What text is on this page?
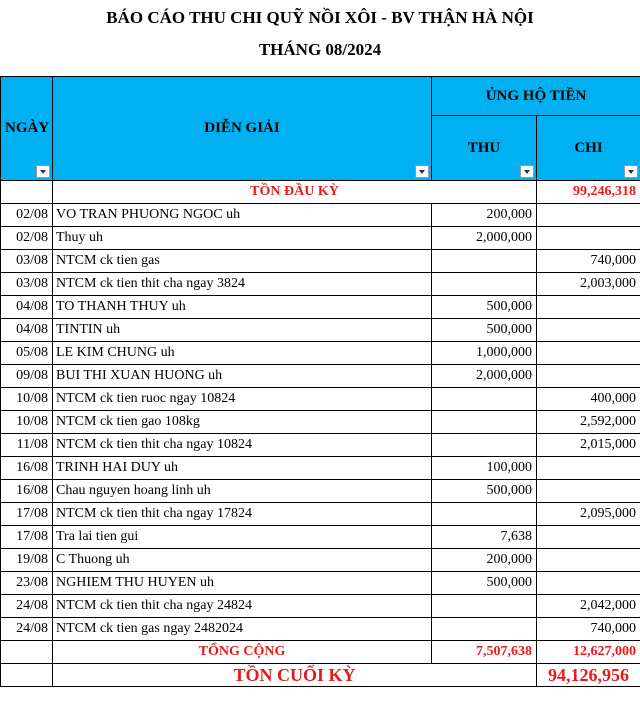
BÁO CÁO THU CHI QUỸ NỒI XÔI - BV THẬN HÀ NỘI
THÁNG 08/2024
NGÀY	DIỄN GIẢI	ỦNG HỘ TIỀN	
		THU	CHI

	TỒN ĐẦU KỲ		99,246,318
02/08	VO TRAN PHUONG NGOC uh	200,000	
02/08	Thuy uh	2,000,000	
03/08	NTCM ck tien gas		740,000
03/08	NTCM ck tien thit cha ngay 3824		2,003,000
04/08	TO THANH THUY uh	500,000	
04/08	TINTIN uh	500,000	
05/08	LE KIM CHUNG uh	1,000,000	
09/08	BUI THI XUAN HUONG uh	2,000,000	
10/08	NTCM ck tien ruoc ngay 10824		400,000
10/08	NTCM ck tien gao 108kg		2,592,000
11/08	NTCM ck tien thit cha ngay 10824		2,015,000
16/08	TRINH HAI DUY uh	100,000	
16/08	Chau nguyen hoang linh uh	500,000	
17/08	NTCM ck tien thit cha ngay 17824		2,095,000
17/08	Tra lai tien gui	7,638	
19/08	C Thuong uh	200,000	
23/08	NGHIEM THU HUYEN uh	500,000	
24/08	NTCM ck tien thit cha ngay 24824		2,042,000
24/08	NTCM ck tien gas ngay 2482024		740,000
	TỔNG CỘNG	7,507,638	12,627,000
	TỒN CUỐI KỲ		94,126,956
